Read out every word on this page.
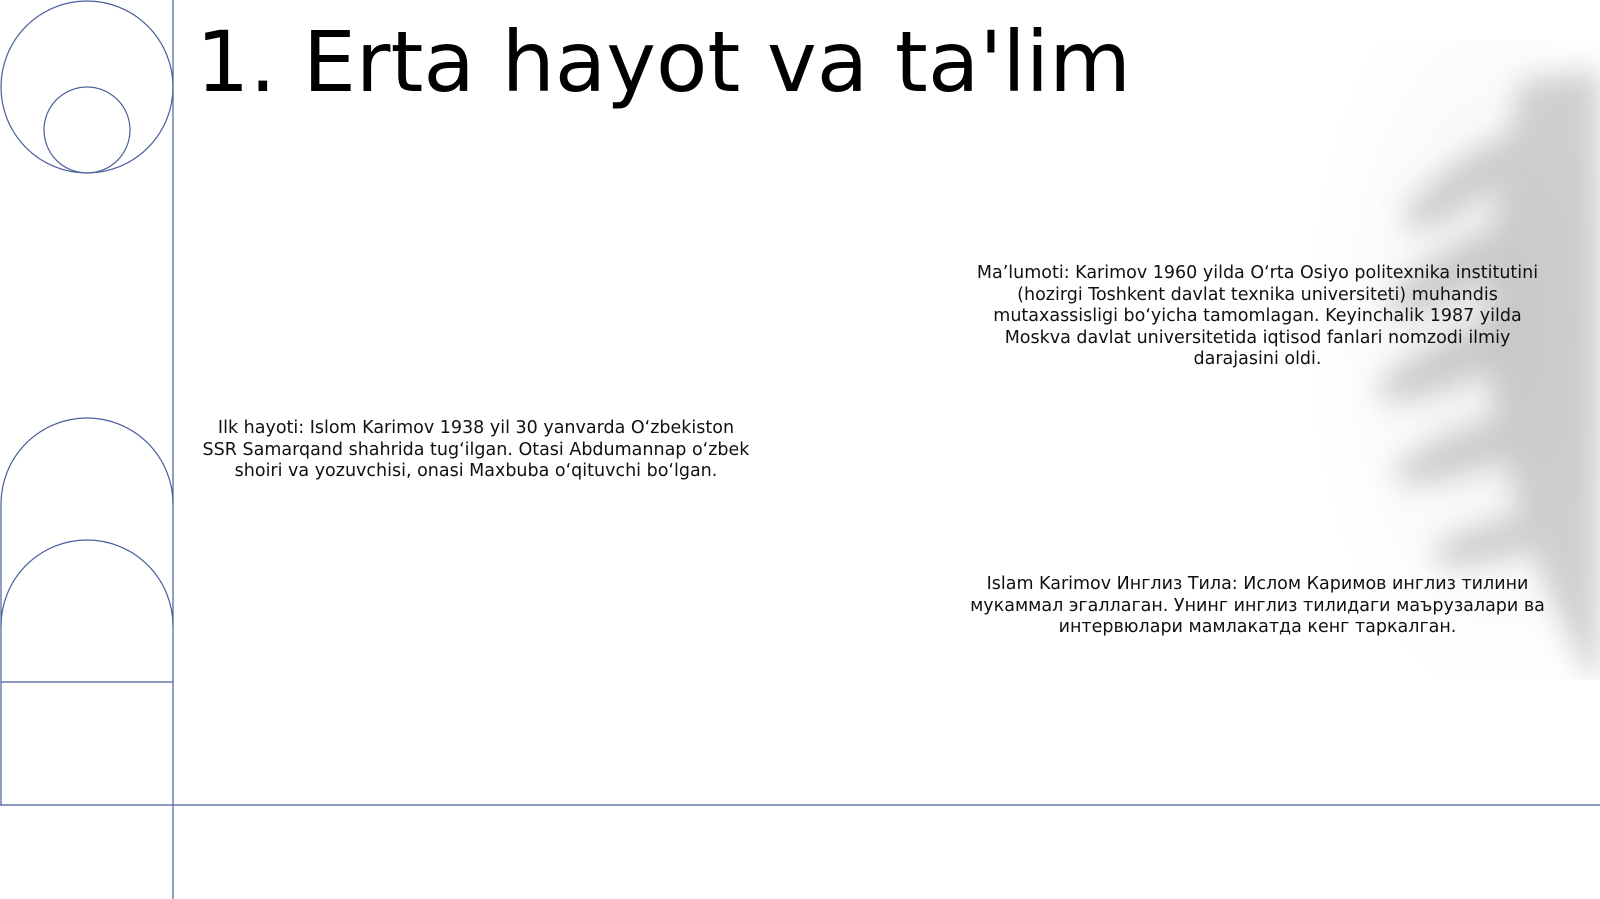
1. Erta hayot va ta'lim

Ilk hayoti: Islom Karimov 1938 yil 30 yanvarda O‘zbekiston SSR Samarqand shahrida tug‘ilgan. Otasi Abdumannap o‘zbek shoiri va yozuvchisi, onasi Maxbuba o‘qituvchi bo‘lgan.

Ma’lumoti: Karimov 1960 yilda O‘rta Osiyo politexnika institutini (hozirgi Toshkent davlat texnika universiteti) muhandis mutaxassisligi bo‘yicha tamomlagan. Keyinchalik 1987 yilda Moskva davlat universitetida iqtisod fanlari nomzodi ilmiy darajasini oldi.

Islam Karimov Инглиз Тила: Ислом Каримов инглиз тилини мукаммал эгаллаган. Унинг инглиз тилидаги маърузалари ва интервюлари мамлакатда кенг таркалган.
